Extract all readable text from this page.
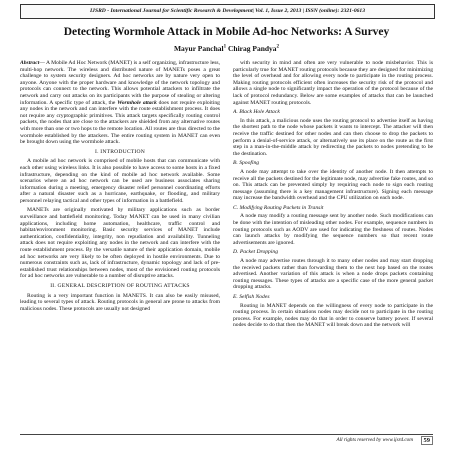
IJSRD - International Journal for Scientific Research & Development| Vol. 1, Issue 2, 2013 | ISSN (online): 2321-0613
Detecting Wormhole Attack in Mobile Ad-hoc Networks: A Survey
Mayur Panchal$^1$ Chirag Pandya$^2$

Abstract— A Mobile Ad Hoc Network (MANET) is a self organizing, infrastructure less, multi-hop network. The wireless and distributed nature of MANETs poses a great challenge to system security designers. Ad hoc networks are by nature very open to anyone. Anyone with the proper hardware and knowledge of the network topology and protocols can connect to the network. This allows potential attackers to infiltrate the network and carry out attacks on its participants with the purpose of stealing or altering information. A specific type of attack, the Wormhole attack does not require exploiting any nodes in the network and can interfere with the route establishment process. It does not require any cryptographic primitives. This attack targets specifically routing control packets, the nodes that are close to the attackers are shielded from any alternative routes with more than one or two hops to the remote location. All routes are thus directed to the wormhole established by the attackers. The entire routing system in MANET can even be brought down using the wormhole attack.

I. INTRODUCTION

A mobile ad hoc network is comprised of mobile hosts that can communicate with each other using wireless links. It is also possible to have access to some hosts in a fixed infrastructure, depending on the kind of mobile ad hoc network available. Some scenarios where an ad hoc network can be used are business associates sharing information during a meeting, emergency disaster relief personnel coordinating efforts after a natural disaster such as a hurricane, earthquake, or flooding, and military personnel relaying tactical and other types of information in a battlefield.

MANETs are originally motivated by military applications such as border surveillance and battlefield monitoring. Today MANET can be used in many civilian applications, including home automation, healthcare, traffic control and habitat/environment monitoring. Basic security services of MANET include authentication, confidentiality, integrity, non repudiation and availability. Tunneling attack does not require exploiting any nodes in the network and can interfere with the route establishment process. By the versatile nature of their application domain, mobile ad hoc networks are very likely to be often deployed in hostile environments. Due to numerous constraints such as, lack of infrastructure, dynamic topology and lack of pre-established trust relationships between nodes, most of the envisioned routing protocols for ad hoc networks are vulnerable to a number of disruptive attacks.

II. GENERAL DESCRIPTION OF ROUTING ATTACKS

Routing is a very important function in MANETS. It can also be easily misused, leading to several types of attack. Routing protocols in general are prone to attacks from malicious nodes. These protocols are usually not designed

with security in mind and often are very vulnerable to node misbehavior. This is particularly true for MANET routing protocols because they are designed for minimizing the level of overhead and for allowing every node to participate in the routing process. Making routing protocols efficient often increases the security risk of the protocol and allows a single node to significantly impact the operation of the protocol because of the lack of protocol redundancy. Below are some examples of attacks that can be launched against MANET routing protocols.

A. Black Hole Attack

In this attack, a malicious node uses the routing protocol to advertise itself as having the shortest path to the node whose packets it wants to intercept. The attacker will then receive the traffic destined for other nodes and can then choose to drop the packets to perform a denial-of-service attack, or alternatively use its place on the route as the first step in a man-in-the-middle attack by redirecting the packets to nodes pretending to be the destination.

B. Spoofing

A node may attempt to take over the identity of another node. It then attempts to receive all the packets destined for the legitimate node, may advertise fake routes, and so on. This attack can be prevented simply by requiring each node to sign each routing message (assuming there is a key management infrastructure). Signing each message may increase the bandwidth overhead and the CPU utilization on each node.

C. Modifying Routing Packets in Transit

A node may modify a routing message sent by another node. Such modifications can be done with the intention of misleading other nodes. For example, sequence numbers in routing protocols such as AODV are used for indicating the freshness of routes. Nodes can launch attacks by modifying the sequence numbers so that recent route advertisements are ignored.

D. Packet Dropping

A node may advertise routes through it to many other nodes and may start dropping the received packets rather than forwarding them to the next hop based on the routes advertised. Another variation of this attack is when a node drops packets containing routing messages. These types of attacks are a specific case of the more general packet dropping attacks.

E. Selfish Nodes

Routing in MANET depends on the willingness of every node to participate in the routing process. In certain situations nodes may decide not to participate in the routing process. For example, nodes may do that in order to conserve battery power. If several nodes decide to do that then the MANET will break down and the network will

All rights reserved by www.ijsrd.com	59
